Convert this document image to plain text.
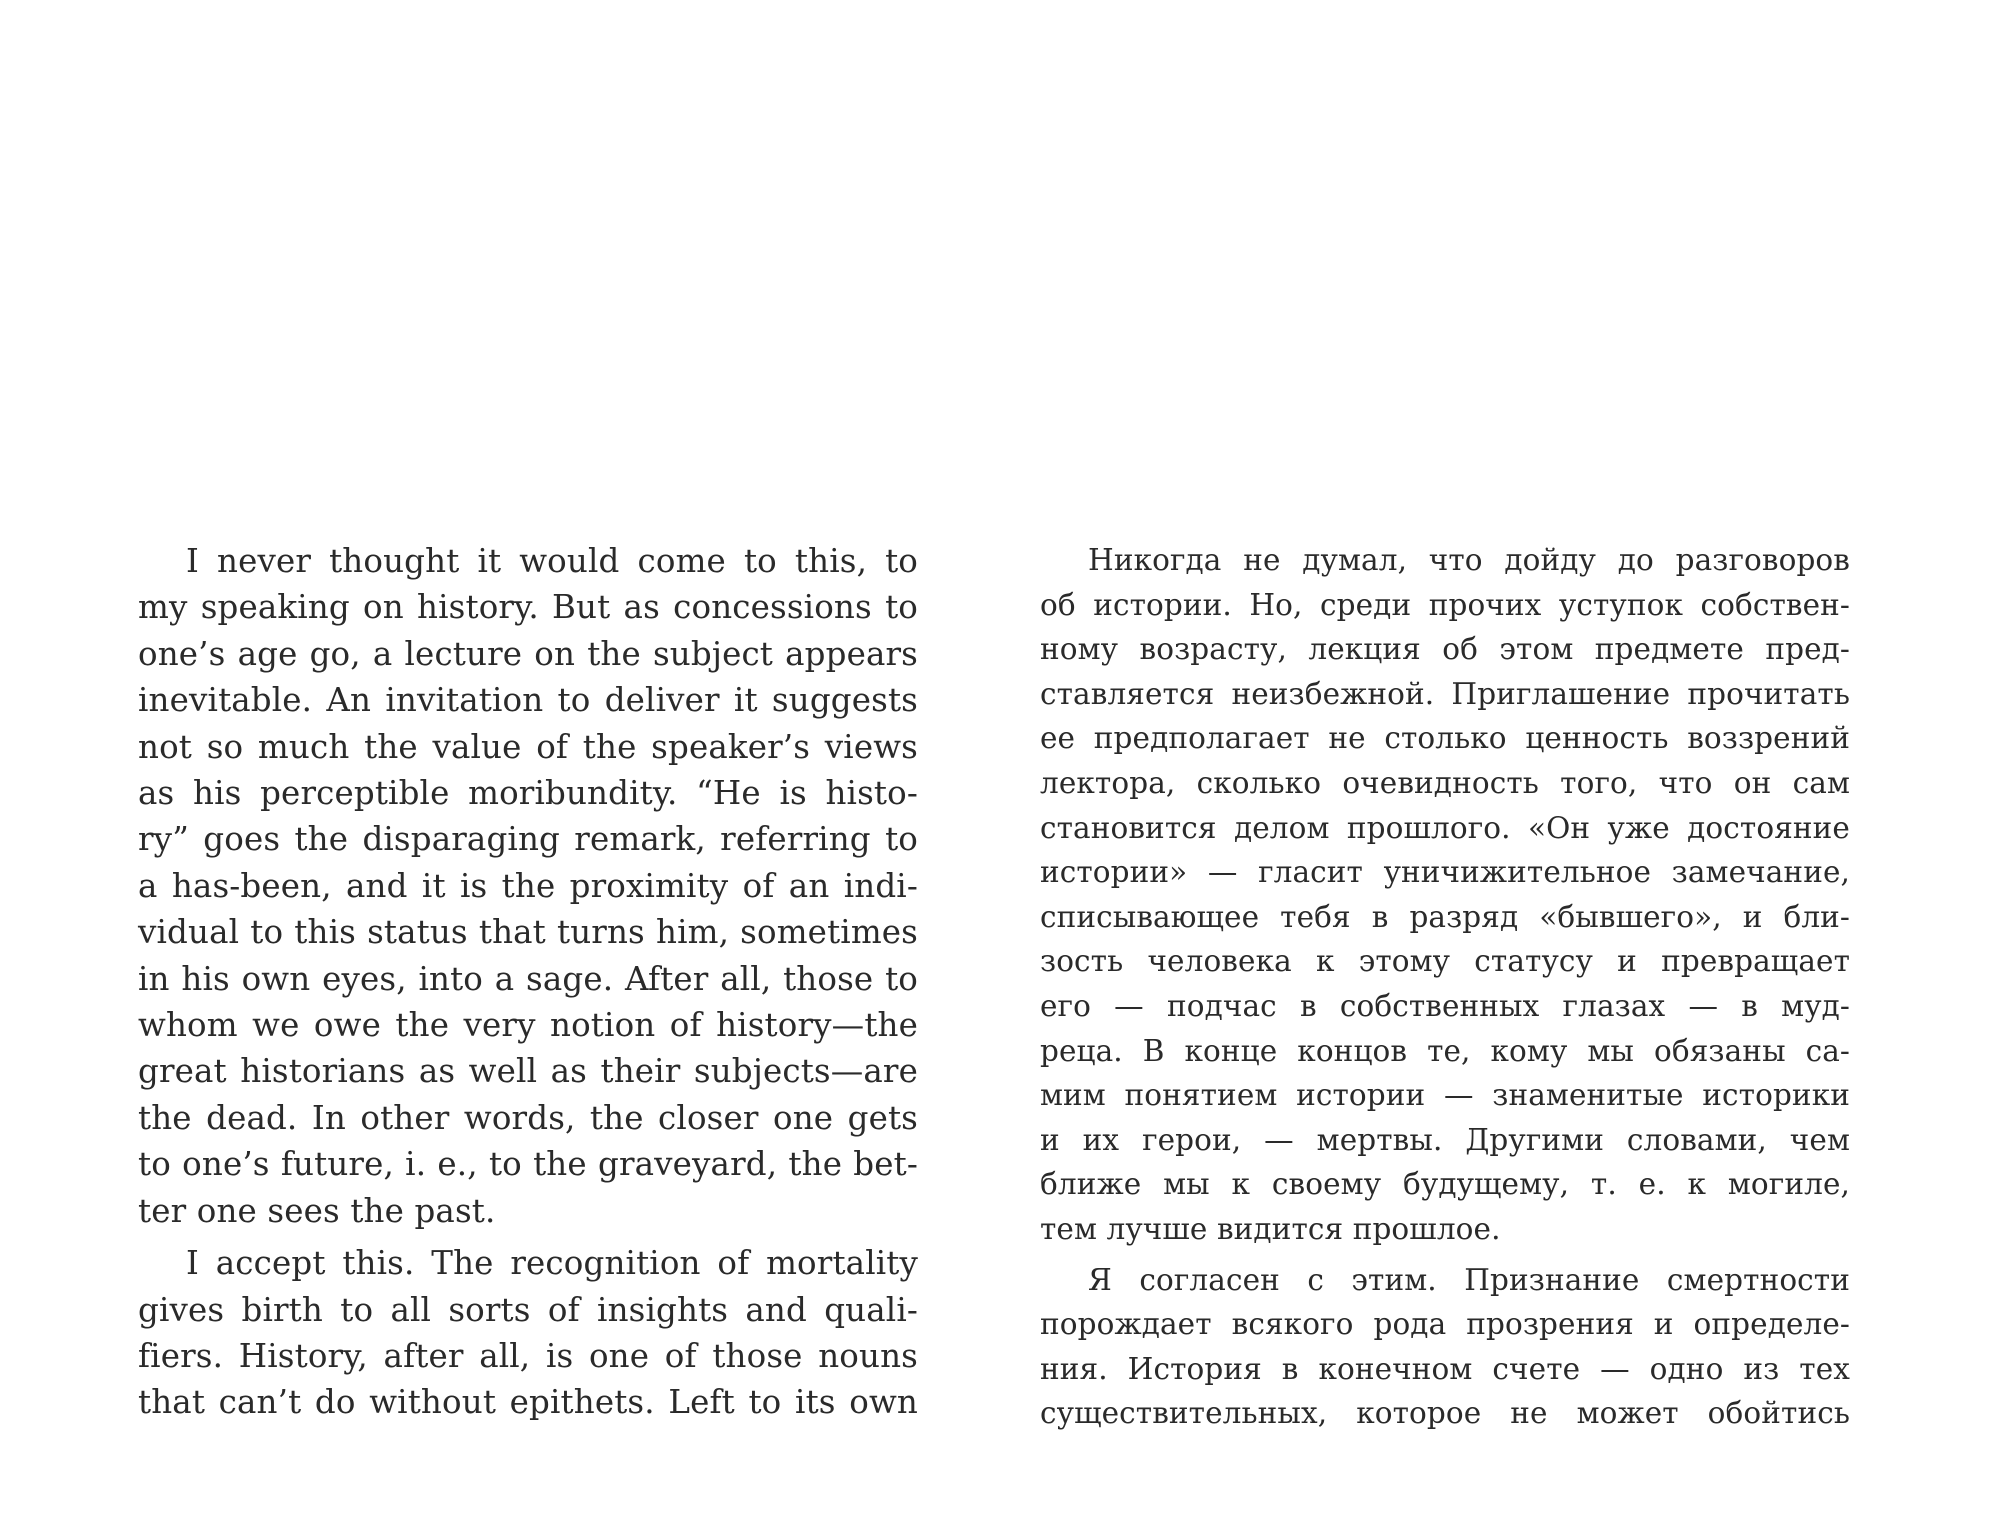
I never thought it would come to this, to
my speaking on history. But as concessions to
one’s age go, a lecture on the subject appears
inevitable. An invitation to deliver it suggests
not so much the value of the speaker’s views
as his perceptible moribundity. “He is histo-
ry” goes the disparaging remark, referring to
a has-been, and it is the proximity of an indi-
vidual to this status that turns him, sometimes
in his own eyes, into a sage. After all, those to
whom we owe the very notion of history—the
great historians as well as their subjects—are
the dead. In other words, the closer one gets
to one’s future, i. e., to the graveyard, the bet-
ter one sees the past.

I accept this. The recognition of mortality
gives birth to all sorts of insights and quali-
fiers. History, after all, is one of those nouns
that can’t do without epithets. Left to its own

Никогда не думал, что дойду до разговоров
об истории. Но, среди прочих уступок собствен-
ному возрасту, лекция об этом предмете пред-
ставляется неизбежной. Приглашение прочитать
ее предполагает не столько ценность воззрений
лектора, сколько очевидность того, что он сам
становится делом прошлого. «Он уже достояние
истории» — гласит уничижительное замечание,
списывающее тебя в разряд «бывшего», и бли-
зость человека к этому статусу и превращает
его — подчас в собственных глазах — в муд-
реца. В конце концов те, кому мы обязаны са-
мим понятием истории — знаменитые историки
и их герои, — мертвы. Другими словами, чем
ближе мы к своему будущему, т. е. к могиле,
тем лучше видится прошлое.

Я согласен с этим. Признание смертности
порождает всякого рода прозрения и определе-
ния. История в конечном счете — одно из тех
существительных, которое не может обойтись
